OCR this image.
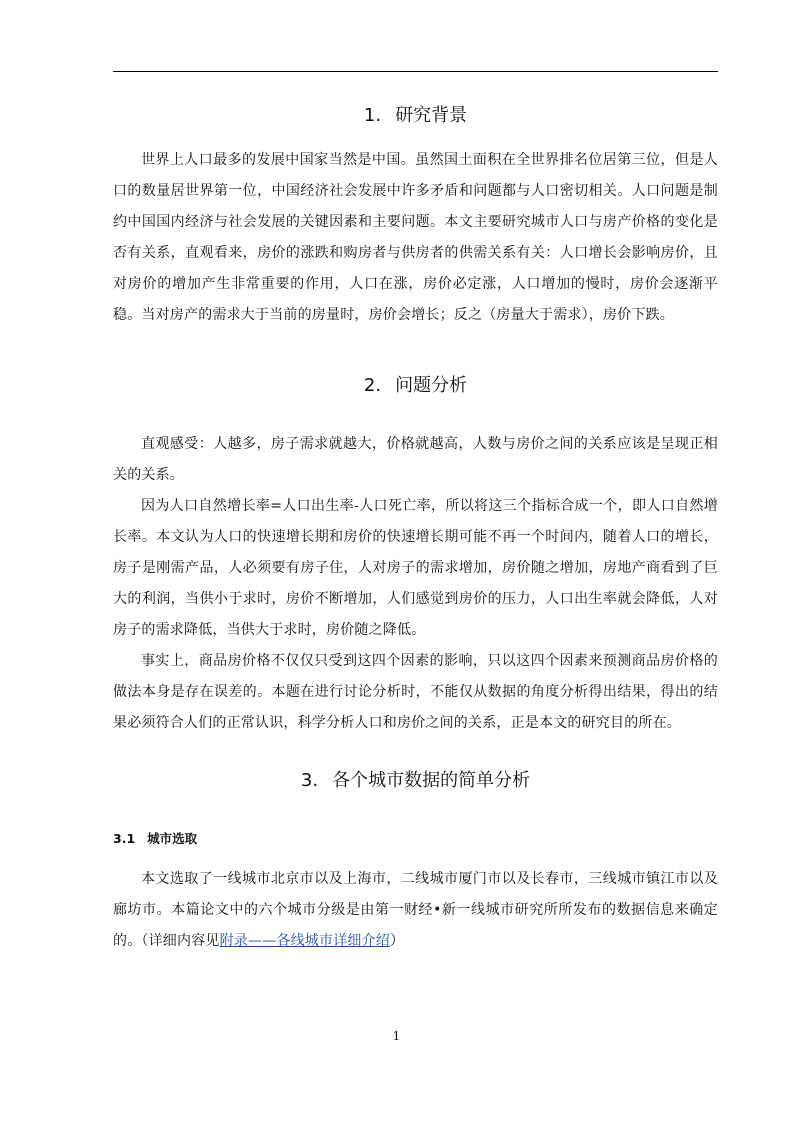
1. 研究背景

世界上人口最多的发展中国家当然是中国。虽然国土面积在全世界排名位居第三位，但是人口的数量居世界第一位，中国经济社会发展中许多矛盾和问题都与人口密切相关。人口问题是制约中国国内经济与社会发展的关键因素和主要问题。本文主要研究城市人口与房产价格的变化是否有关系，直观看来，房价的涨跌和购房者与供房者的供需关系有关：人口增长会影响房价，且对房价的增加产生非常重要的作用，人口在涨，房价必定涨，人口增加的慢时，房价会逐渐平稳。当对房产的需求大于当前的房量时，房价会增长；反之（房量大于需求），房价下跌。

2. 问题分析

直观感受：人越多，房子需求就越大，价格就越高，人数与房价之间的关系应该是呈现正相关的关系。

因为人口自然增长率=人口出生率-人口死亡率，所以将这三个指标合成一个，即人口自然增长率。本文认为人口的快速增长期和房价的快速增长期可能不再一个时间内，随着人口的增长，房子是刚需产品，人必须要有房子住，人对房子的需求增加，房价随之增加，房地产商看到了巨大的利润，当供小于求时，房价不断增加，人们感觉到房价的压力，人口出生率就会降低，人对房子的需求降低，当供大于求时，房价随之降低。

事实上，商品房价格不仅仅只受到这四个因素的影响，只以这四个因素来预测商品房价格的做法本身是存在误差的。本题在进行讨论分析时，不能仅从数据的角度分析得出结果，得出的结果必须符合人们的正常认识，科学分析人口和房价之间的关系，正是本文的研究目的所在。

3. 各个城市数据的简单分析
3.1 城市选取

本文选取了一线城市北京市以及上海市，二线城市厦门市以及长春市，三线城市镇江市以及廊坊市。本篇论文中的六个城市分级是由第一财经•新一线城市研究所所发布的数据信息来确定的。（详细内容见附录——各线城市详细介绍）

1
